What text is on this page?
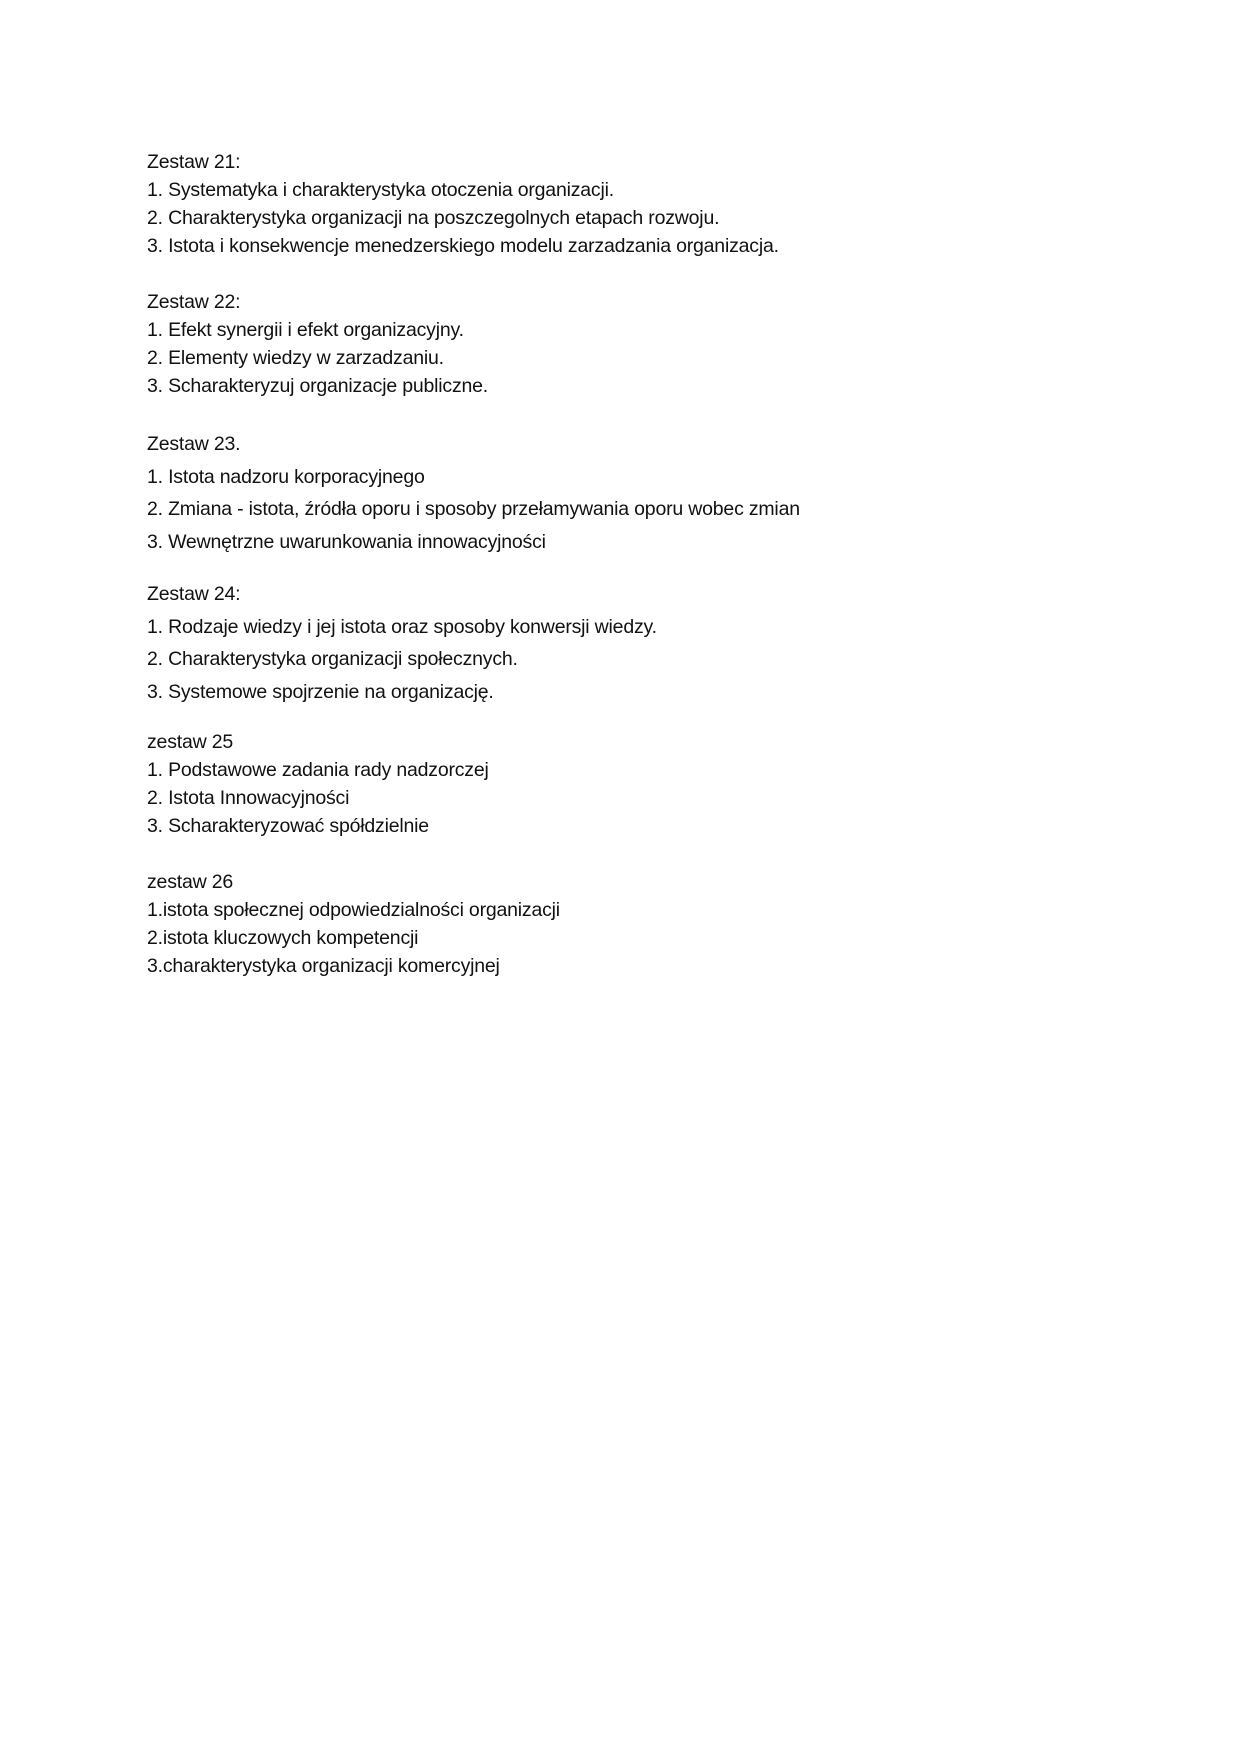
Zestaw 21:
1. Systematyka i charakterystyka otoczenia organizacji.
2. Charakterystyka organizacji na poszczegolnych etapach rozwoju.
3. Istota i konsekwencje menedzerskiego modelu zarzadzania organizacja.
Zestaw 22:
1. Efekt synergii i efekt organizacyjny.
2. Elementy wiedzy w zarzadzaniu.
3. Scharakteryzuj organizacje publiczne.
Zestaw 23.
1. Istota nadzoru korporacyjnego
2. Zmiana - istota, źródła oporu i sposoby przełamywania oporu wobec zmian
3. Wewnętrzne uwarunkowania innowacyjności
Zestaw 24:
1. Rodzaje wiedzy i jej istota oraz sposoby konwersji wiedzy.
2. Charakterystyka organizacji społecznych.
3. Systemowe spojrzenie na organizację.
zestaw 25
1. Podstawowe zadania rady nadzorczej
2. Istota Innowacyjności
3. Scharakteryzować spółdzielnie
zestaw 26
1.istota społecznej odpowiedzialności organizacji
2.istota kluczowych kompetencji
3.charakterystyka organizacji komercyjnej
